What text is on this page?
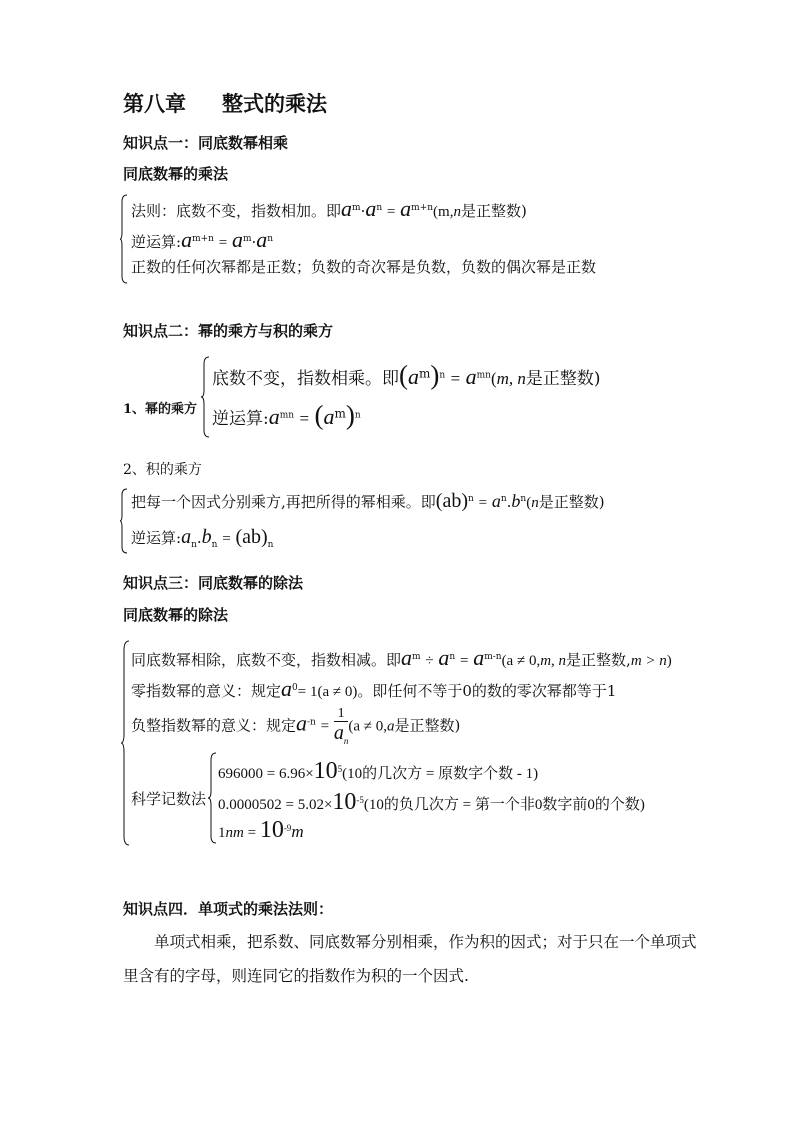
第八章 整式的乘法
知识点一：同底数幂相乘
同底数幂的乘法
法则：底数不变，指数相加。即$a^m\cdot a^n = a^{m+n}(m,n$是正整数)
逆运算$:a^{m+n} = a^m\cdot a^n$
正数的任何次幂都是正数；负数的奇次幂是负数，负数的偶次幂是正数
知识点二：幂的乘方与积的乘方
1、幂的乘方
底数不变，指数相乘。即$(a^m)^n = a^{mn}(m$, n是正整数)
逆运算$:a^{mn} = (a^m)^n$
2、积的乘方
把每一个因式分别乘方,再把所得的幂相乘。即$(ab)^n = a^n.b^n(n$是正整数)
逆运算$:a_n.b_n = (ab)_n$
知识点三：同底数幂的除法
同底数幂的除法
同底数幂相除，底数不变，指数相减。即$a^m \div a^n = a^{m-n}(a \ne 0,m$, n是正整数,m > n)
零指数幂的意义：规定$a^0= 1(a \ne 0)$。即任何不等于0的数的零次幂都等于1
负整指数幂的意义：规定$a^{-n} = \frac{1}{a_n} (a \ne 0,a$是正整数)
科学记数法
$696000 = 6.96\times 10^5(10$的几次方 = 原数字个数 - 1)
$0.0000502 = 5.02\times 10^{-5}(10$的负几次方 = 第一个非0数字前0的个数)
$1nm = 10^{-9}m$
知识点四．单项式的乘法法则：
单项式相乘，把系数、同底数幂分别相乘，作为积的因式；对于只在一个单项式里含有的字母，则连同它的指数作为积的一个因式.
